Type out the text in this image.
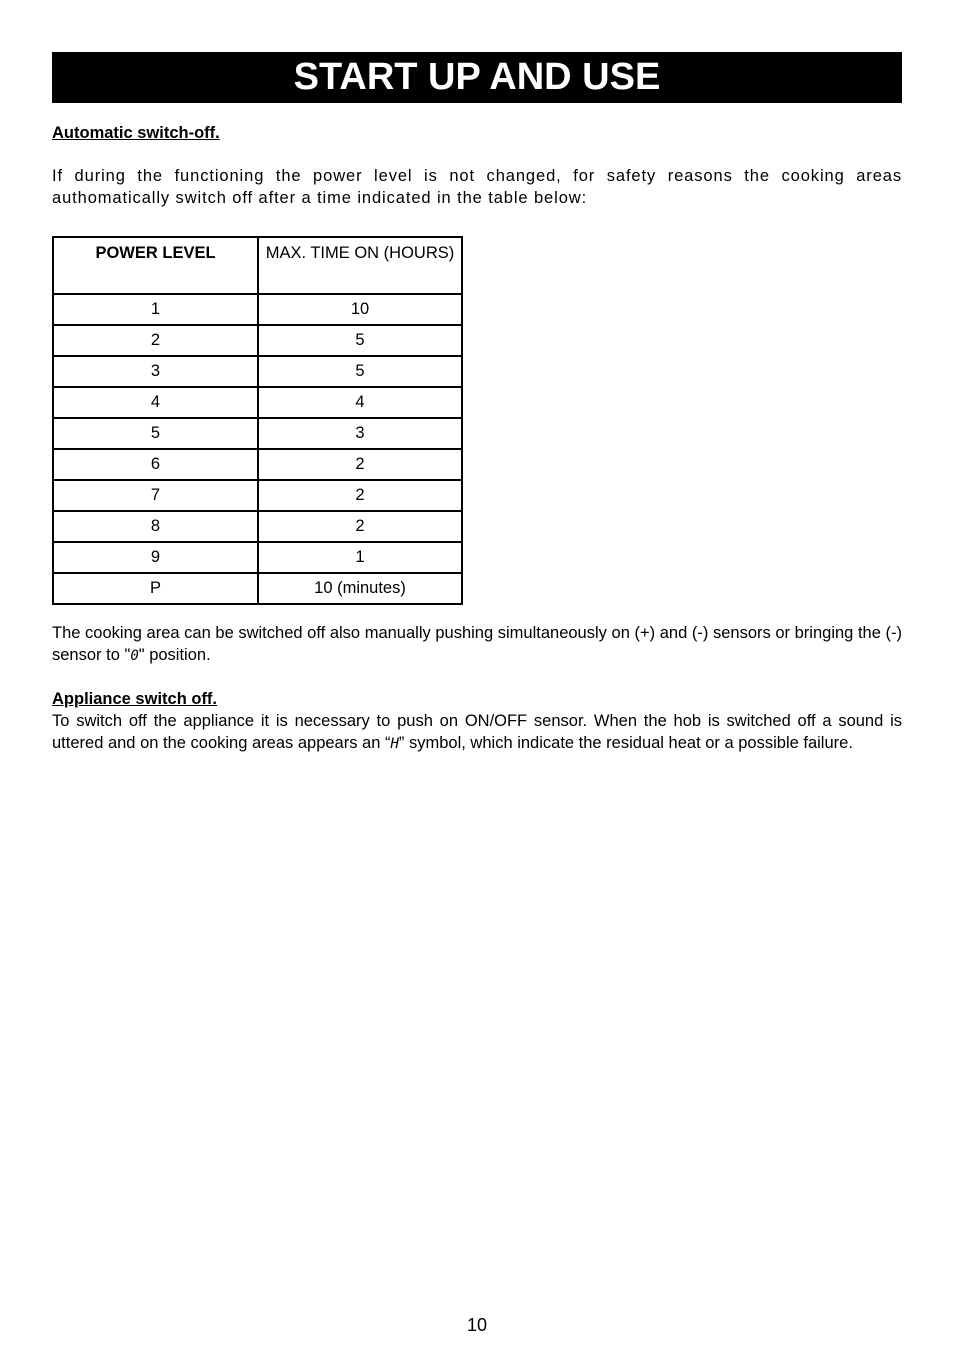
START UP AND USE
Automatic switch-off.
If during the functioning the power level is not changed, for safety reasons the cooking areas authomatically switch off after a time indicated in the table below:
POWER LEVEL	MAX. TIME ON (HOURS)
1	10
2	5
3	5
4	4
5	3
6	2
7	2
8	2
9	1
P	10 (minutes)
The cooking area can be switched off also manually pushing simultaneously on (+) and (-) sensors or bringing the (-) sensor to "0" position.
Appliance switch off.
To switch off the appliance it is necessary to push on ON/OFF sensor. When the hob is switched off a sound is uttered and on the cooking areas appears an “H” symbol, which indicate the residual heat or a possible failure.
10
